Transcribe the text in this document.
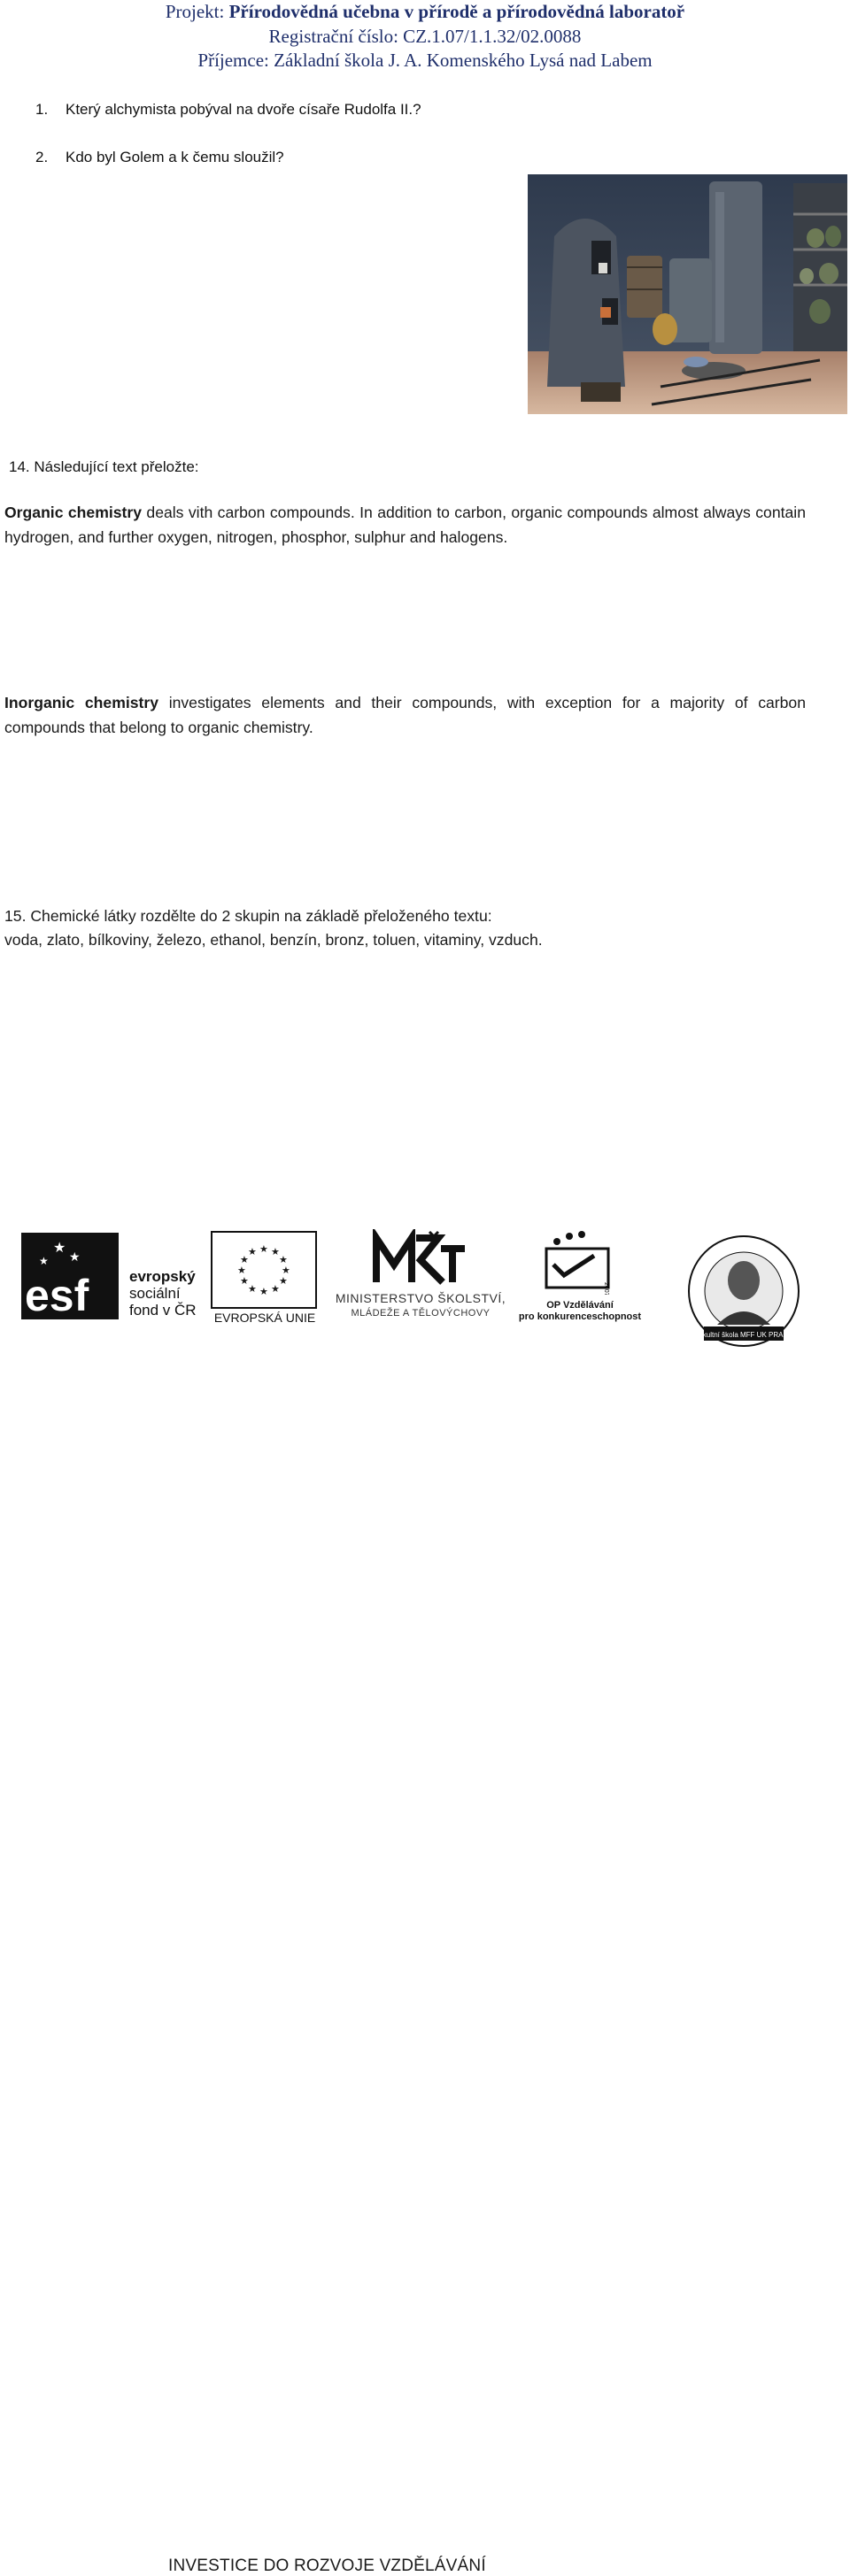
Projekt: Přírodovědná učebna v přírodě a přírodovědná laboratoř
Registrační číslo: CZ.1.07/1.1.32/02.0088
Příjemce: Základní škola J. A. Komenského Lysá nad Labem
1. Který alchymista pobýval na dvoře císaře Rudolfa II.?
2. Kdo byl Golem a k čemu sloužil?
14. Následující text přeložte:
Organic chemistry deals vith carbon compounds. In addition to carbon, organic compounds almost always contain hydrogen, and further oxygen, nitrogen, phosphor, sulphur and halogens.
Inorganic chemistry investigates elements and their compounds, with exception for a majority of carbon compounds that belong to organic chemistry.
15. Chemické látky rozdělte do 2 skupin na základě přeloženého textu:
voda, zlato, bílkoviny, železo, ethanol, benzín, bronz, toluen, vitaminy, vzduch.
★
★
★
esf	evropský
sociální
fond v ČR
★ ★
★
★
★
★
★
★
★
★
★
★
EVROPSKÁ UNIE
MINISTERSTVO ŠKOLSTVÍ,
MLÁDEŽE A TĚLOVÝCHOVY
2007-13
OP Vzdělávání
pro konkurenceschopnost
Fakultní škola MFF UK PRAHA
INVESTICE DO ROZVOJE VZDĚLÁVÁNÍ
